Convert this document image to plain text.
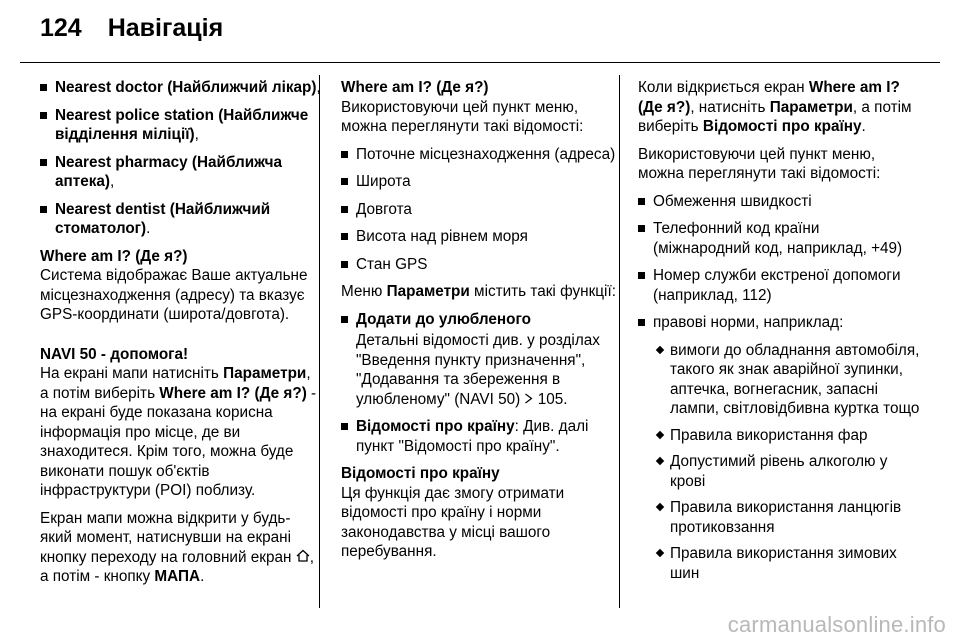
124 Навігація
Nearest doctor (Найближчий лікар),
Nearest police station (Найближче відділення міліції),
Nearest pharmacy (Найближча аптека),
Nearest dentist (Найближчий стоматолог).
Where am I? (Де я?)

Система відображає Ваше актуальне місцезнаходження (адресу) та вказує GPS-координати (широта/довгота).

NAVI 50 - допомога!

На екрані мапи натисніть Параметри, а потім виберіть Where am I? (Де я?) - на екрані буде показана корисна інформація про місце, де ви знаходитеся. Крім того, можна буде виконати пошук об'єктів інфраструктури (POI) поблизу.

Екран мапи можна відкрити у будь-який момент, натиснувши на екрані кнопку переходу на головний екран , а потім - кнопку МАПА.

Where am I? (Де я?)

Використовуючи цей пункт меню, можна переглянути такі відомості:

Поточне місцезнаходження (адреса)
Широта
Довгота
Висота над рівнем моря
Стан GPS

Меню Параметри містить такі функції:

Додати до улюбленого
Детальні відомості див. у розділах "Введення пункту призначення", "Додавання та збереження в улюбленому" (NAVI 50)  105.
Відомості про країну: Див. далі пункт "Відомості про країну".
Відомості про країну

Ця функція дає змогу отримати відомості про країну і норми законодавства у місці вашого перебування.

Коли відкриється екран Where am I? (Де я?), натисніть Параметри, а потім виберіть Відомості про країну.

Використовуючи цей пункт меню, можна переглянути такі відомості:

Обмеження швидкості
Телефонний код країни (міжнародний код, наприклад, +49)
Номер служби екстреної допомоги (наприклад, 112)
правові норми, наприклад:
вимоги до обладнання автомобіля, такого як знак аварійної зупинки, аптечка, вогнегасник, запасні лампи, світловідбивна куртка тощо
Правила використання фар
Допустимий рівень алкоголю у крові
Правила використання ланцюгів протиковзання
Правила використання зимових шин
carmanualsonline.info
